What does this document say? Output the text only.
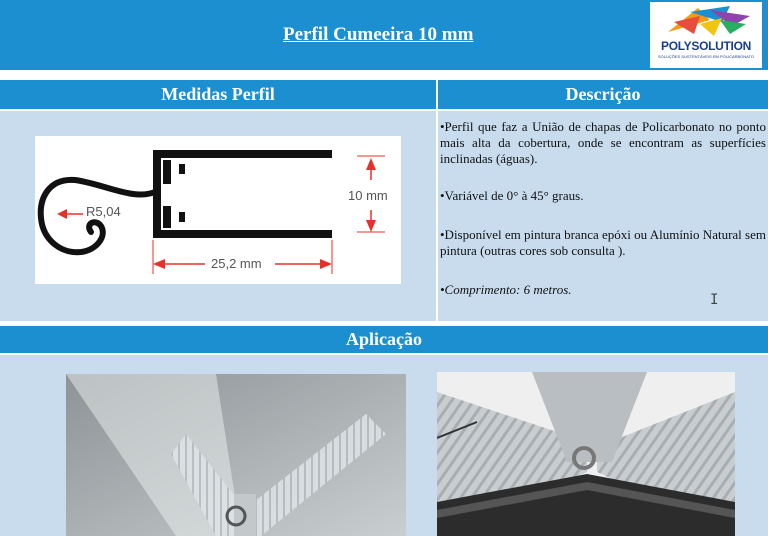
Perfil Cumeeira 10 mm
POLYSOLUTION
SOLUÇÕES SUSTENTÁVEIS EM POLICARBONATO
Medidas Perfil	Descrição
R5,04
10 mm
25,2 mm
•Perfil que faz a União de chapas de Policarbonato no ponto mais alta da cobertura, onde se encontram as superfícies inclinadas (águas).
•Variável de 0° à 45° graus.
•Disponível em pintura branca epóxi ou Alumínio Natural sem pintura (outras cores sob consulta ).
•Comprimento: 6 metros.
I
Aplicação
